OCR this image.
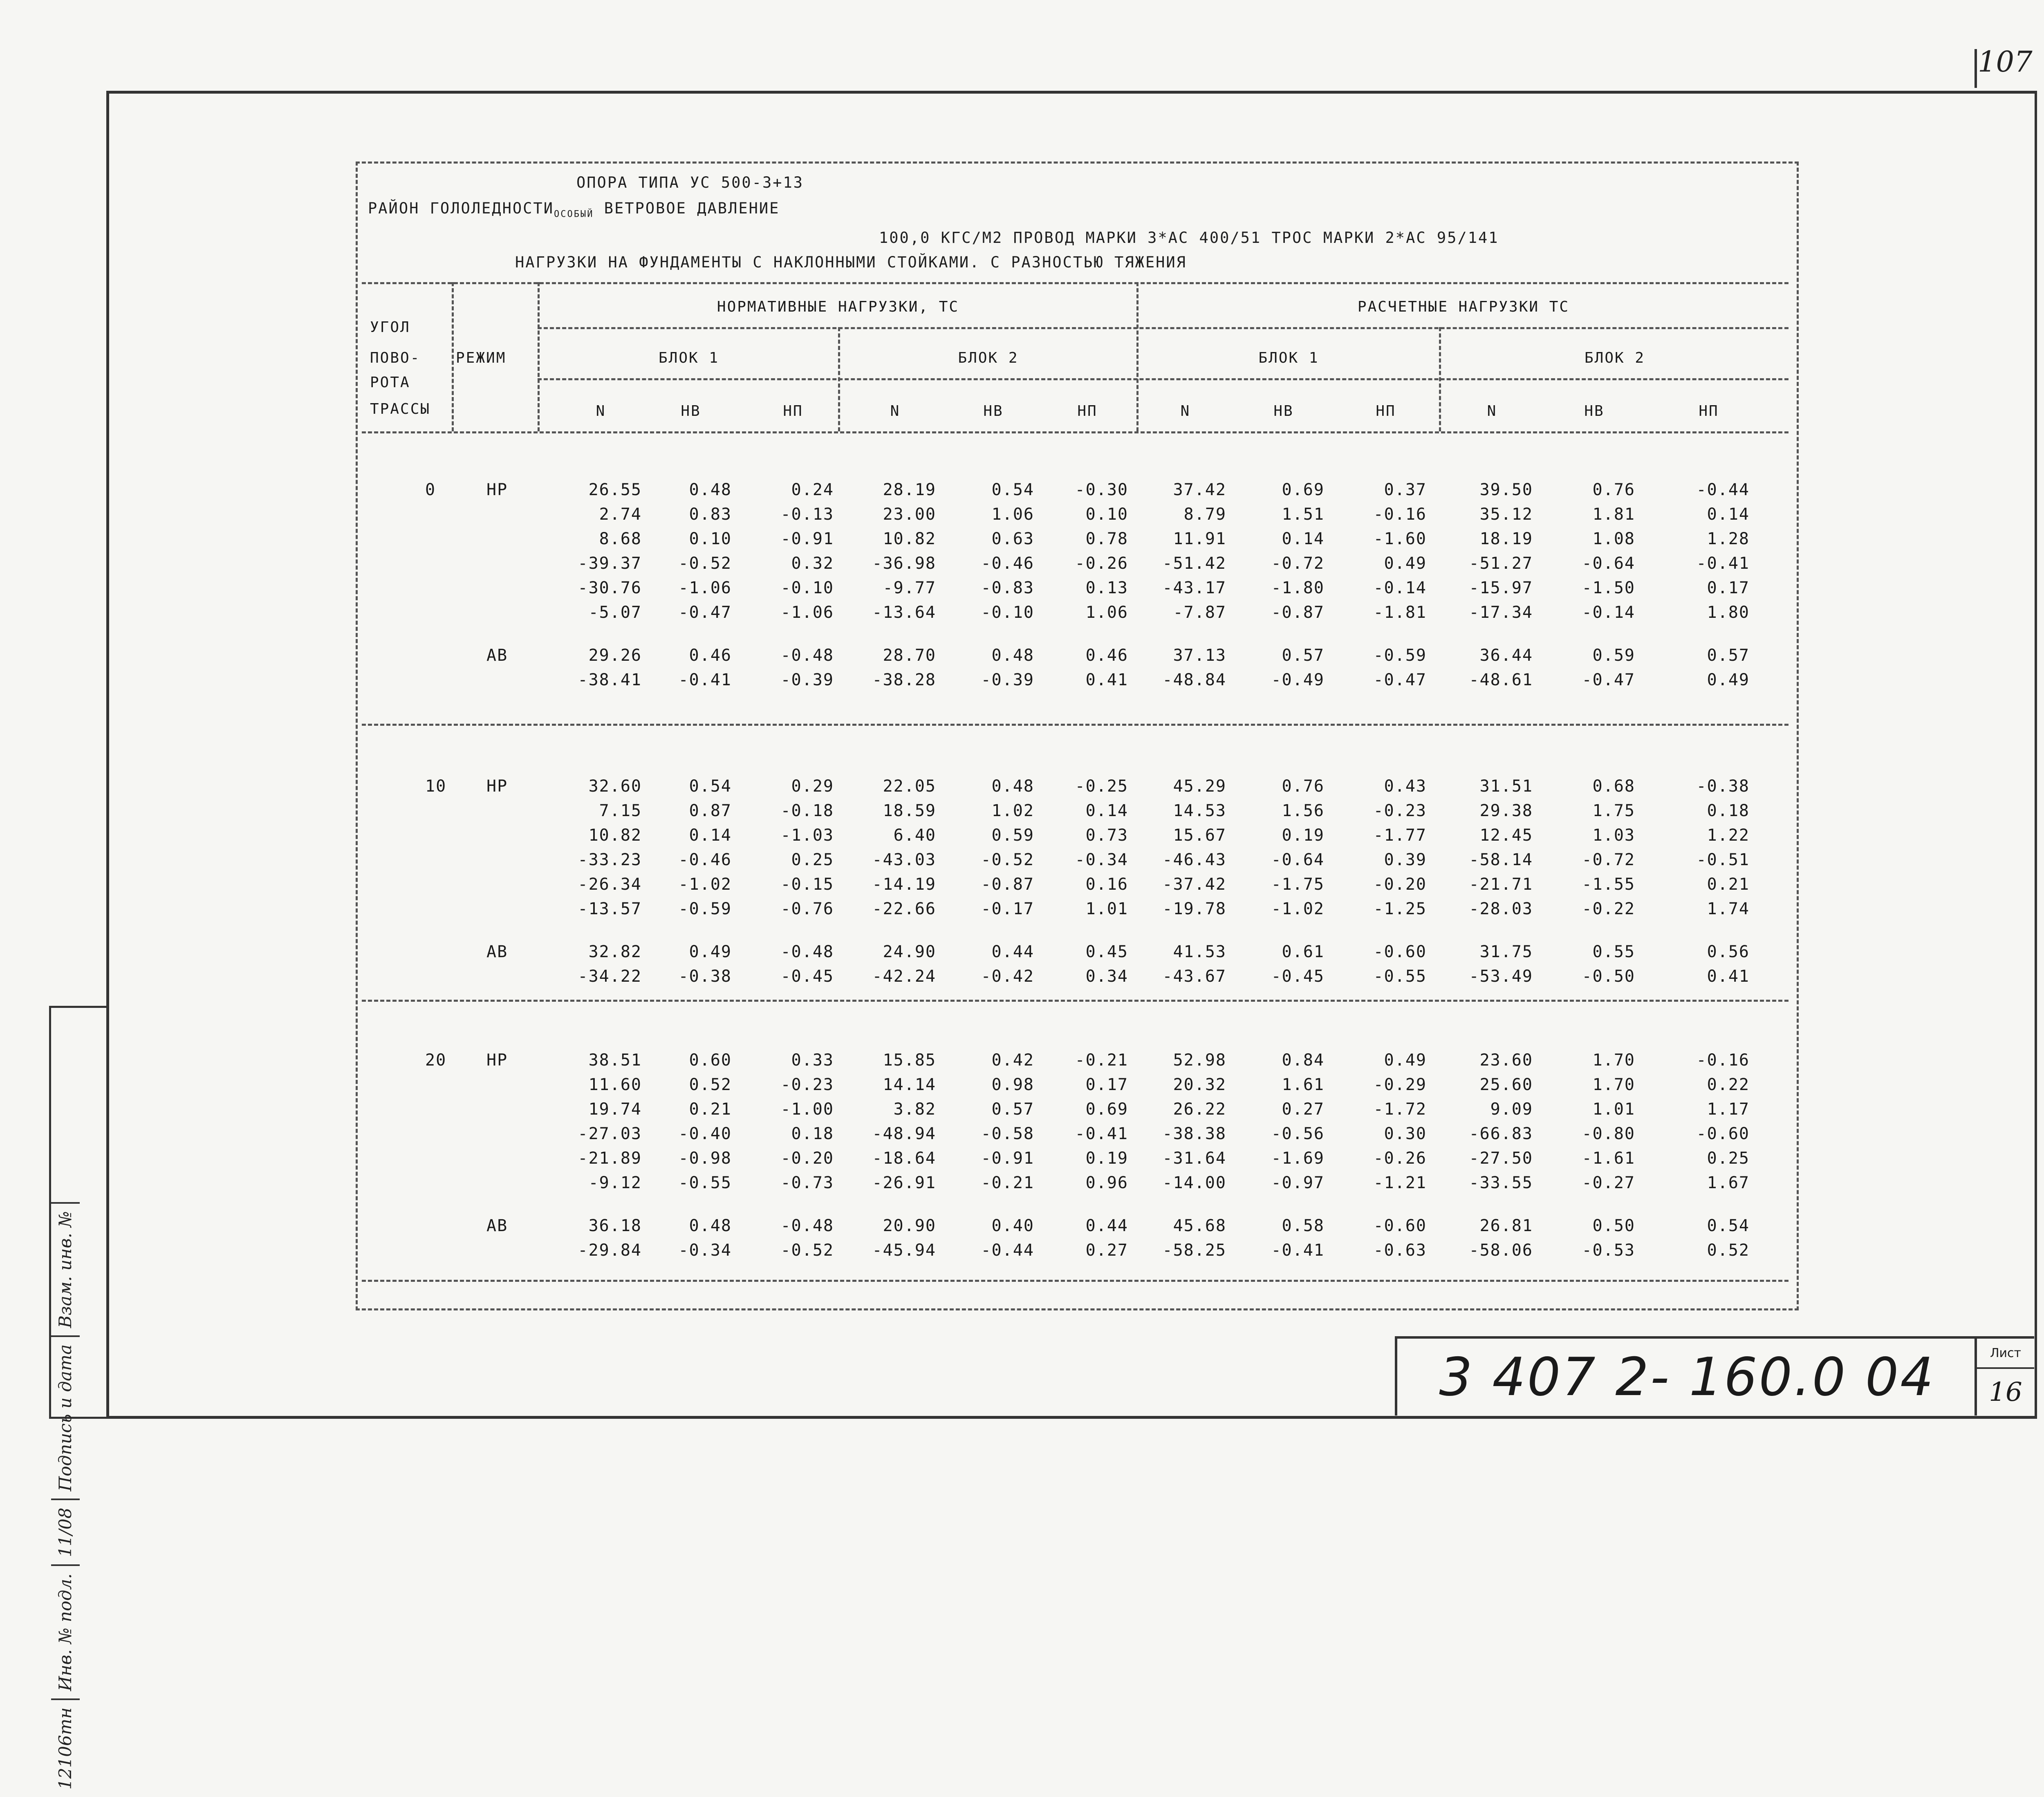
107
12106тн
Инв. № подл.
11/08
Подпись и дата
Взам. инв. №
3 407 2- 160.0 04	Лист
16
ОПОРА ТИПА УС 500-3+13
РАЙОН $ГОЛОЛЕДНОСТИ_{ОСОБЫЙ}$ ВЕТРОВОЕ ДАВЛЕНИЕ
100,0 КГС/М2 ПРОВОД МАРКИ 3*АС 400/51 ТРОС МАРКИ 2*АС 95/141
НАГРУЗКИ НА ФУНДАМЕНТЫ С НАКЛОННЫМИ СТОЙКАМИ. С РАЗНОСТЬЮ ТЯЖЕНИЯ
УГОЛ
ПОВО-
РОТА
ТРАССЫ
РЕЖИМ
НОРМАТИВНЫЕ НАГРУЗКИ, ТС	РАСЧЕТНЫЕ НАГРУЗКИ ТС
БЛОК 1	БЛОК 2	БЛОК 1	БЛОК 2
N	НВ	НП	N	НВ	НП	N	НВ	НП	N	НВ	НП
0	НР	26.55	0.48	0.24	28.19	0.54	-0.30	37.42	0.69	0.37	39.50	0.76	-0.44
2.74	0.83	-0.13	23.00	1.06	0.10	8.79	1.51	-0.16	35.12	1.81	0.14
8.68	0.10	-0.91	10.82	0.63	0.78	11.91	0.14	-1.60	18.19	1.08	1.28
-39.37	-0.52	0.32	-36.98	-0.46	-0.26	-51.42	-0.72	0.49	-51.27	-0.64	-0.41
-30.76	-1.06	-0.10	-9.77	-0.83	0.13	-43.17	-1.80	-0.14	-15.97	-1.50	0.17
-5.07	-0.47	-1.06	-13.64	-0.10	1.06	-7.87	-0.87	-1.81	-17.34	-0.14	1.80
АВ	29.26	0.46	-0.48	28.70	0.48	0.46	37.13	0.57	-0.59	36.44	0.59	0.57
-38.41	-0.41	-0.39	-38.28	-0.39	0.41	-48.84	-0.49	-0.47	-48.61	-0.47	0.49
10 НР	32.60	0.54	0.29	22.05	0.48	-0.25	45.29	0.76	0.43	31.51	0.68	-0.38
7.15	0.87	-0.18	18.59	1.02	0.14	14.53	1.56	-0.23	29.38	1.75	0.18
10.82	0.14	-1.03	6.40	0.59	0.73	15.67	0.19	-1.77	12.45	1.03	1.22
-33.23	-0.46	0.25	-43.03	-0.52	-0.34	-46.43	-0.64	0.39	-58.14	-0.72	-0.51
-26.34	-1.02	-0.15	-14.19	-0.87	0.16	-37.42	-1.75	-0.20	-21.71	-1.55	0.21
-13.57	-0.59	-0.76	-22.66	-0.17	1.01	-19.78	-1.02	-1.25	-28.03	-0.22	1.74
АВ	32.82	0.49	-0.48	24.90	0.44	0.45	41.53	0.61	-0.60	31.75	0.55	0.56
-34.22	-0.38	-0.45	-42.24	-0.42	0.34	-43.67	-0.45	-0.55	-53.49	-0.50	0.41
20 НР	38.51	0.60	0.33	15.85	0.42	-0.21	52.98	0.84	0.49	23.60	1.70	-0.16
11.60	0.52	-0.23	14.14	0.98	0.17	20.32	1.61	-0.29	25.60	1.70	0.22
19.74	0.21	-1.00	3.82	0.57	0.69	26.22	0.27	-1.72	9.09	1.01	1.17
-27.03	-0.40	0.18	-48.94	-0.58	-0.41	-38.38	-0.56	0.30	-66.83	-0.80	-0.60
-21.89	-0.98	-0.20	-18.64	-0.91	0.19	-31.64	-1.69	-0.26	-27.50	-1.61	0.25
-9.12	-0.55	-0.73	-26.91	-0.21	0.96	-14.00	-0.97	-1.21	-33.55	-0.27	1.67
АВ	36.18	0.48	-0.48	20.90	0.40	0.44	45.68	0.58	-0.60	26.81	0.50	0.54
-29.84	-0.34	-0.52	-45.94	-0.44	0.27	-58.25	-0.41	-0.63	-58.06	-0.53	0.52
